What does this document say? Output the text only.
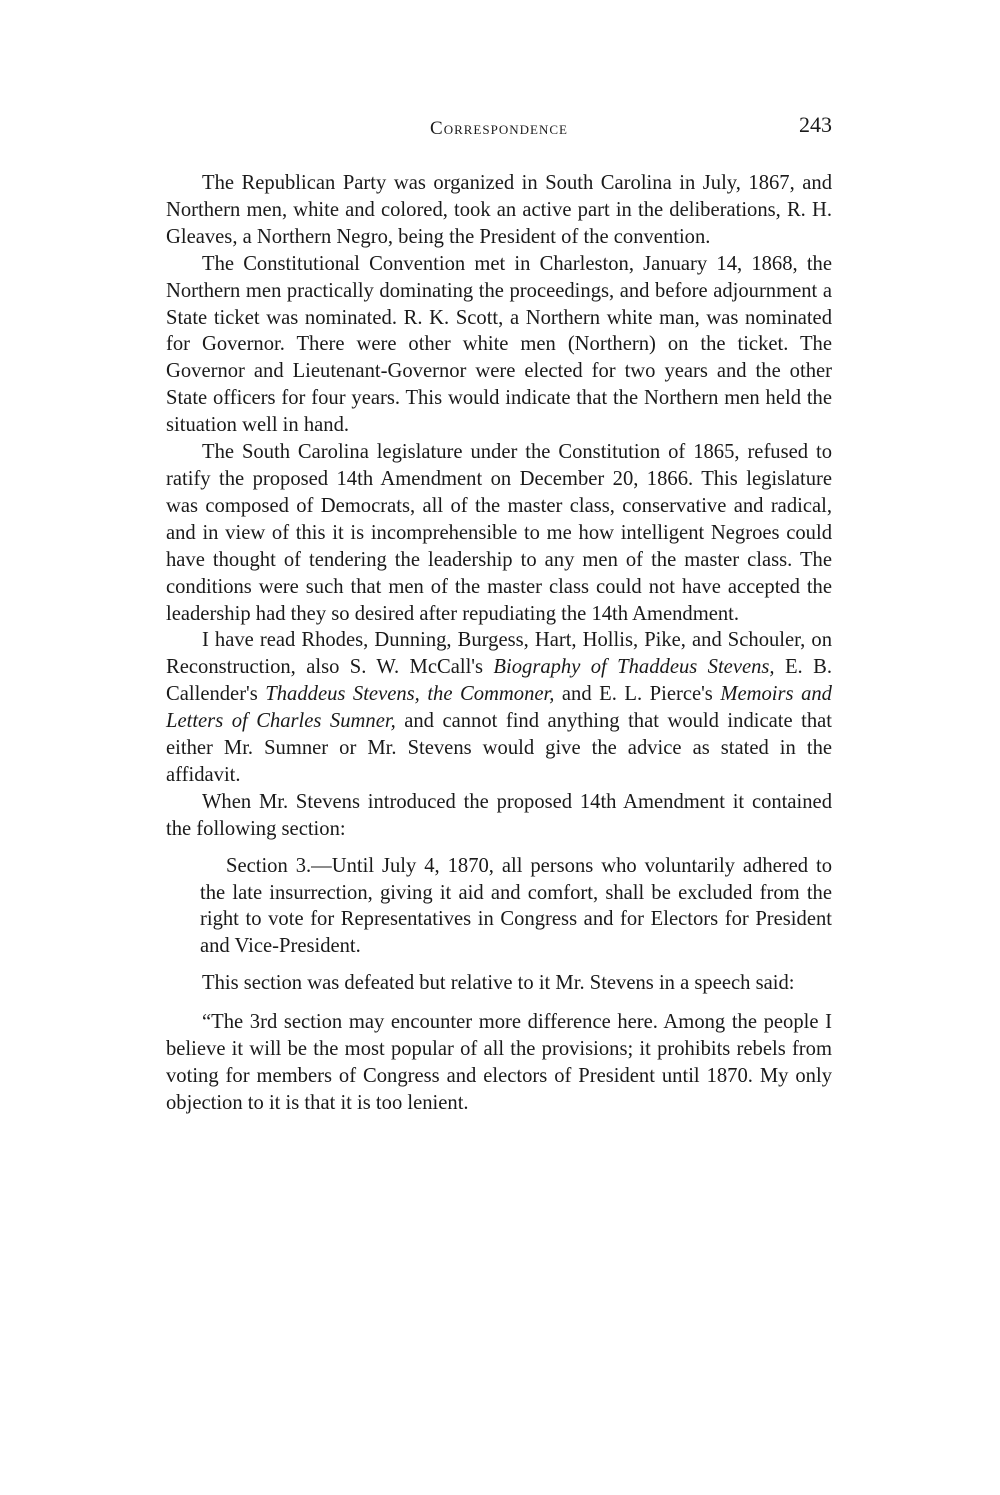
Correspondence	243

The Republican Party was organized in South Carolina in July, 1867, and Northern men, white and colored, took an active part in the deliberations, R. H. Gleaves, a Northern Negro, being the President of the convention.

The Constitutional Convention met in Charleston, January 14, 1868, the Northern men practically dominating the proceedings, and before adjournment a State ticket was nominated. R. K. Scott, a Northern white man, was nominated for Governor. There were other white men (Northern) on the ticket. The Governor and Lieutenant-Governor were elected for two years and the other State officers for four years. This would indicate that the Northern men held the situation well in hand.

The South Carolina legislature under the Constitution of 1865, refused to ratify the proposed 14th Amendment on December 20, 1866. This legislature was composed of Democrats, all of the master class, conservative and radical, and in view of this it is incomprehensible to me how intelligent Negroes could have thought of tendering the leadership to any men of the master class. The conditions were such that men of the master class could not have accepted the leadership had they so desired after repudiating the 14th Amendment.

I have read Rhodes, Dunning, Burgess, Hart, Hollis, Pike, and Schouler, on Reconstruction, also S. W. McCall's Biography of Thaddeus Stevens, E. B. Callender's Thaddeus Stevens, the Commoner, and E. L. Pierce's Memoirs and Letters of Charles Sumner, and cannot find anything that would indicate that either Mr. Sumner or Mr. Stevens would give the advice as stated in the affidavit.

When Mr. Stevens introduced the proposed 14th Amendment it contained the following section:

Section 3.—Until July 4, 1870, all persons who voluntarily adhered to the late insurrection, giving it aid and comfort, shall be excluded from the right to vote for Representatives in Congress and for Electors for President and Vice-President.

This section was defeated but relative to it Mr. Stevens in a speech said:

“The 3rd section may encounter more difference here. Among the people I believe it will be the most popular of all the provisions; it prohibits rebels from voting for members of Congress and electors of President until 1870. My only objection to it is that it is too lenient.
